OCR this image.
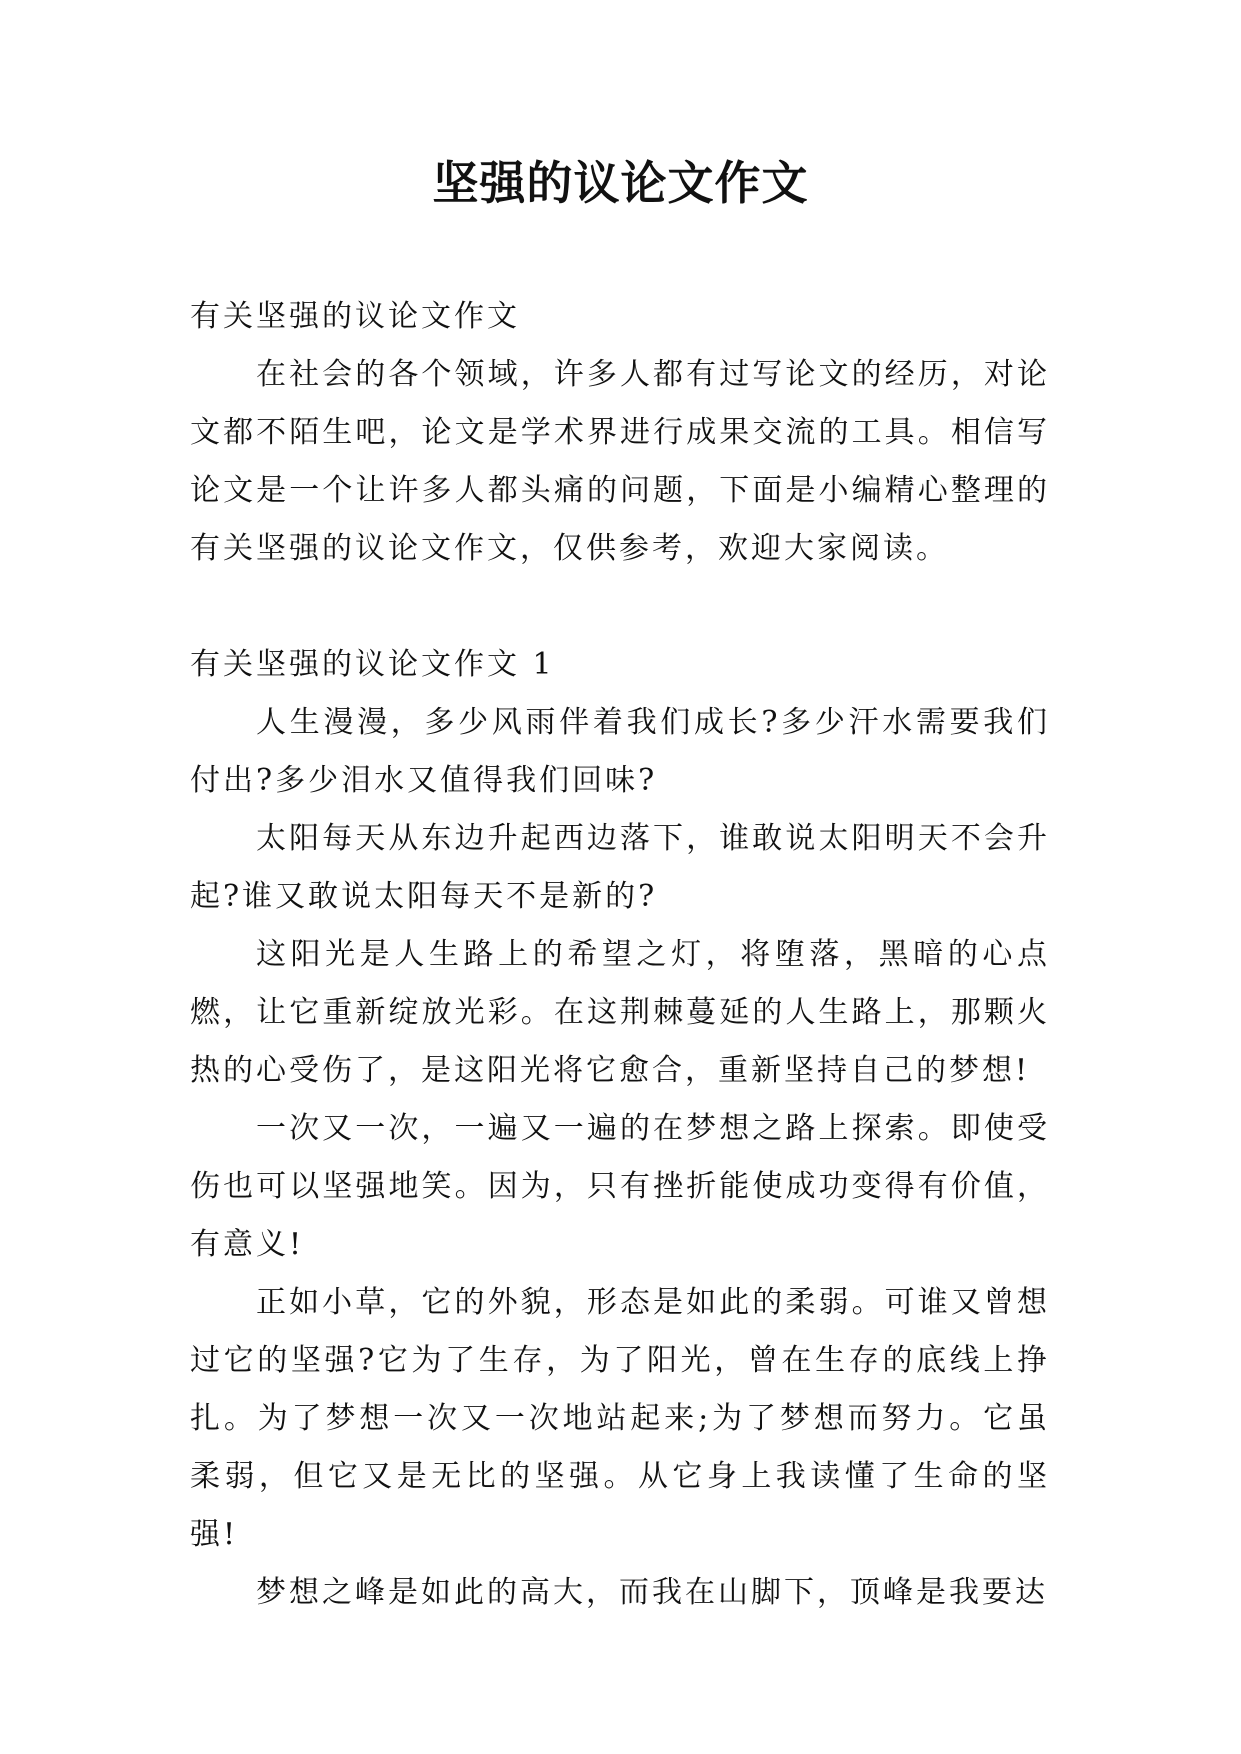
坚强的议论文作文

有关坚强的议论文作文

在社会的各个领域，许多人都有过写论文的经历，对论文都不陌生吧，论文是学术界进行成果交流的工具。相信写论文是一个让许多人都头痛的问题，下面是小编精心整理的有关坚强的议论文作文，仅供参考，欢迎大家阅读。

有关坚强的议论文作文 1

人生漫漫，多少风雨伴着我们成长?多少汗水需要我们付出?多少泪水又值得我们回味?

太阳每天从东边升起西边落下，谁敢说太阳明天不会升起?谁又敢说太阳每天不是新的?

这阳光是人生路上的希望之灯，将堕落，黑暗的心点燃，让它重新绽放光彩。在这荆棘蔓延的人生路上，那颗火热的心受伤了，是这阳光将它愈合，重新坚持自己的梦想!

一次又一次，一遍又一遍的在梦想之路上探索。即使受伤也可以坚强地笑。因为，只有挫折能使成功变得有价值，有意义!

正如小草，它的外貌，形态是如此的柔弱。可谁又曾想过它的坚强?它为了生存，为了阳光，曾在生存的底线上挣扎。为了梦想一次又一次地站起来;为了梦想而努力。它虽柔弱，但它又是无比的坚强。从它身上我读懂了生命的坚强!

梦想之峰是如此的高大，而我在山脚下，顶峰是我要达
